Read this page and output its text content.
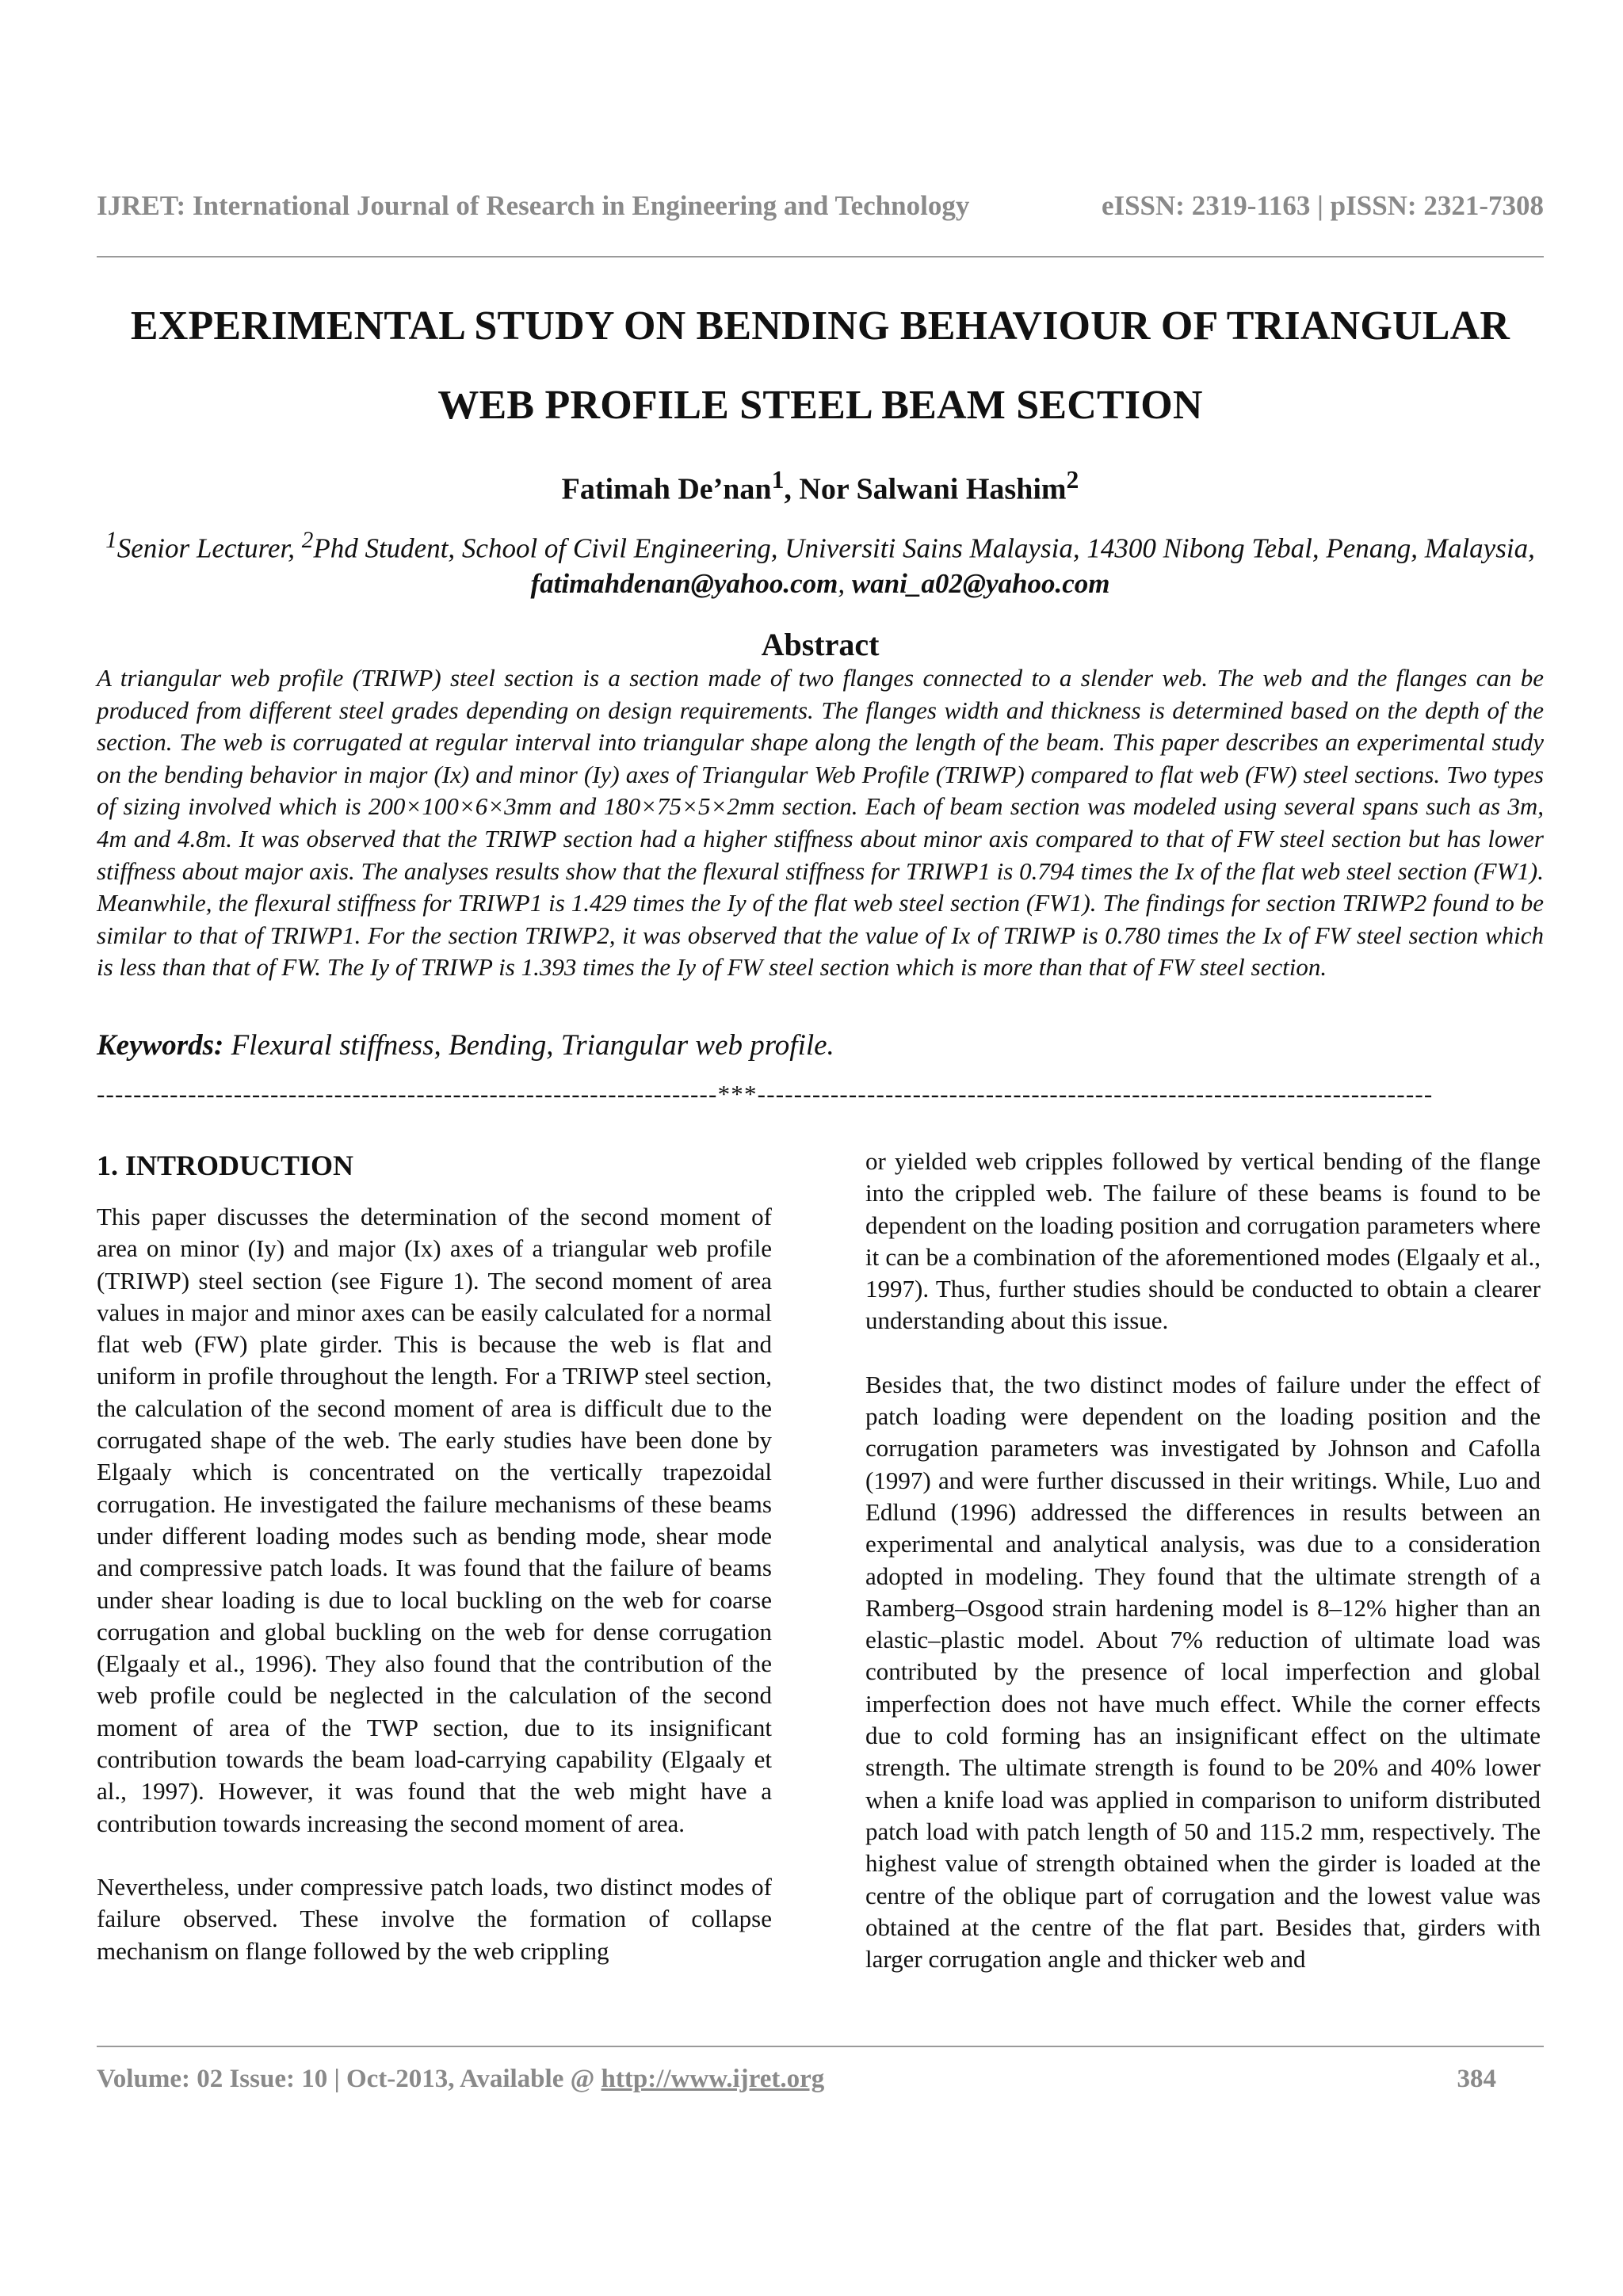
IJRET: International Journal of Research in Engineering and Technology	eISSN: 2319-1163 | pISSN: 2321-7308
EXPERIMENTAL STUDY ON BENDING BEHAVIOUR OF TRIANGULAR
WEB PROFILE STEEL BEAM SECTION
Fatimah De’nan$^1$, Nor Salwani Hashim$^2$
$^1$Senior Lecturer, $^2$Phd Student, School of Civil Engineering, Universiti Sains Malaysia, 14300 Nibong Tebal, Penang, Malaysia, fatimahdenan@yahoo.com, wani_a02@yahoo.com
Abstract
A triangular web profile (TRIWP) steel section is a section made of two flanges connected to a slender web. The web and the flanges can be produced from different steel grades depending on design requirements. The flanges width and thickness is determined based on the depth of the section. The web is corrugated at regular interval into triangular shape along the length of the beam. This paper describes an experimental study on the bending behavior in major (Ix) and minor (Iy) axes of Triangular Web Profile (TRIWP) compared to flat web (FW) steel sections. Two types of sizing involved which is 200×100×6×3mm and 180×75×5×2mm section. Each of beam section was modeled using several spans such as 3m, 4m and 4.8m. It was observed that the TRIWP section had a higher stiffness about minor axis compared to that of FW steel section but has lower stiffness about major axis. The analyses results show that the flexural stiffness for TRIWP1 is 0.794 times the Ix of the flat web steel section (FW1). Meanwhile, the flexural stiffness for TRIWP1 is 1.429 times the Iy of the flat web steel section (FW1). The findings for section TRIWP2 found to be similar to that of TRIWP1. For the section TRIWP2, it was observed that the value of Ix of TRIWP is 0.780 times the Ix of FW steel section which is less than that of FW. The Iy of TRIWP is 1.393 times the Iy of FW steel section which is more than that of FW steel section.
Keywords: Flexural stiffness, Bending, Triangular web profile.
--------------------------------------------------------------------***--------------------------------------------------------------------------
1. INTRODUCTION

This paper discusses the determination of the second moment of area on minor (Iy) and major (Ix) axes of a triangular web profile (TRIWP) steel section (see Figure 1). The second moment of area values in major and minor axes can be easily calculated for a normal flat web (FW) plate girder. This is because the web is flat and uniform in profile throughout the length. For a TRIWP steel section, the calculation of the second moment of area is difficult due to the corrugated shape of the web. The early studies have been done by Elgaaly which is concentrated on the vertically trapezoidal corrugation. He investigated the failure mechanisms of these beams under different loading modes such as bending mode, shear mode and compressive patch loads. It was found that the failure of beams under shear loading is due to local buckling on the web for coarse corrugation and global buckling on the web for dense corrugation (Elgaaly et al., 1996). They also found that the contribution of the web profile could be neglected in the calculation of the second moment of area of the TWP section, due to its insignificant contribution towards the beam load-carrying capability (Elgaaly et al., 1997). However, it was found that the web might have a contribution towards increasing the second moment of area.

Nevertheless, under compressive patch loads, two distinct modes of failure observed. These involve the formation of collapse mechanism on flange followed by the web crippling

or yielded web cripples followed by vertical bending of the flange into the crippled web. The failure of these beams is found to be dependent on the loading position and corrugation parameters where it can be a combination of the aforementioned modes (Elgaaly et al., 1997). Thus, further studies should be conducted to obtain a clearer understanding about this issue.

Besides that, the two distinct modes of failure under the effect of patch loading were dependent on the loading position and the corrugation parameters was investigated by Johnson and Cafolla (1997) and were further discussed in their writings. While, Luo and Edlund (1996) addressed the differences in results between an experimental and analytical analysis, was due to a consideration adopted in modeling. They found that the ultimate strength of a Ramberg–Osgood strain hardening model is 8–12% higher than an elastic–plastic model. About 7% reduction of ultimate load was contributed by the presence of local imperfection and global imperfection does not have much effect. While the corner effects due to cold forming has an insignificant effect on the ultimate strength. The ultimate strength is found to be 20% and 40% lower when a knife load was applied in comparison to uniform distributed patch load with patch length of 50 and 115.2 mm, respectively. The highest value of strength obtained when the girder is loaded at the centre of the oblique part of corrugation and the lowest value was obtained at the centre of the flat part. Besides that, girders with larger corrugation angle and thicker web and

Volume: 02 Issue: 10 | Oct-2013, Available @ http://www.ijret.org	384
